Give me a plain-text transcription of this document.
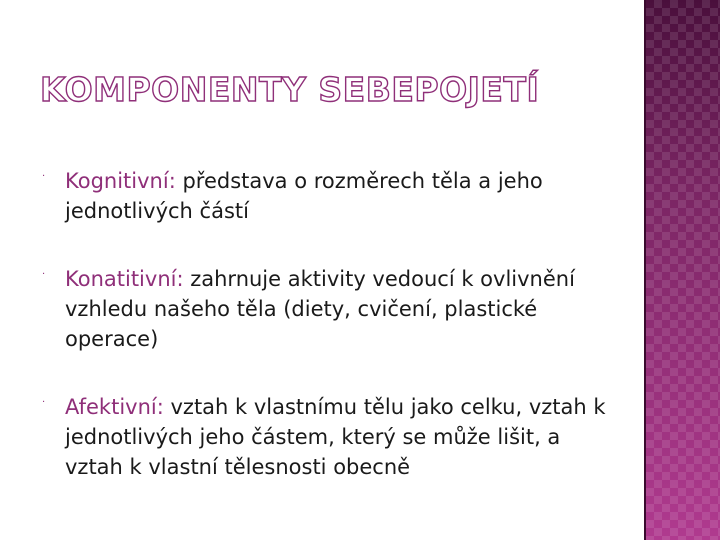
KOMPONENTY SEBEPOJETÍ
· Kognitivní: představa o rozměrech těla a jeho jednotlivých částí
· Konatitivní: zahrnuje aktivity vedoucí k ovlivnění vzhledu našeho těla (diety, cvičení, plastické operace)
· Afektivní: vztah k vlastnímu tělu jako celku, vztah k jednotlivých jeho částem, který se může lišit, a vztah k vlastní tělesnosti obecně
